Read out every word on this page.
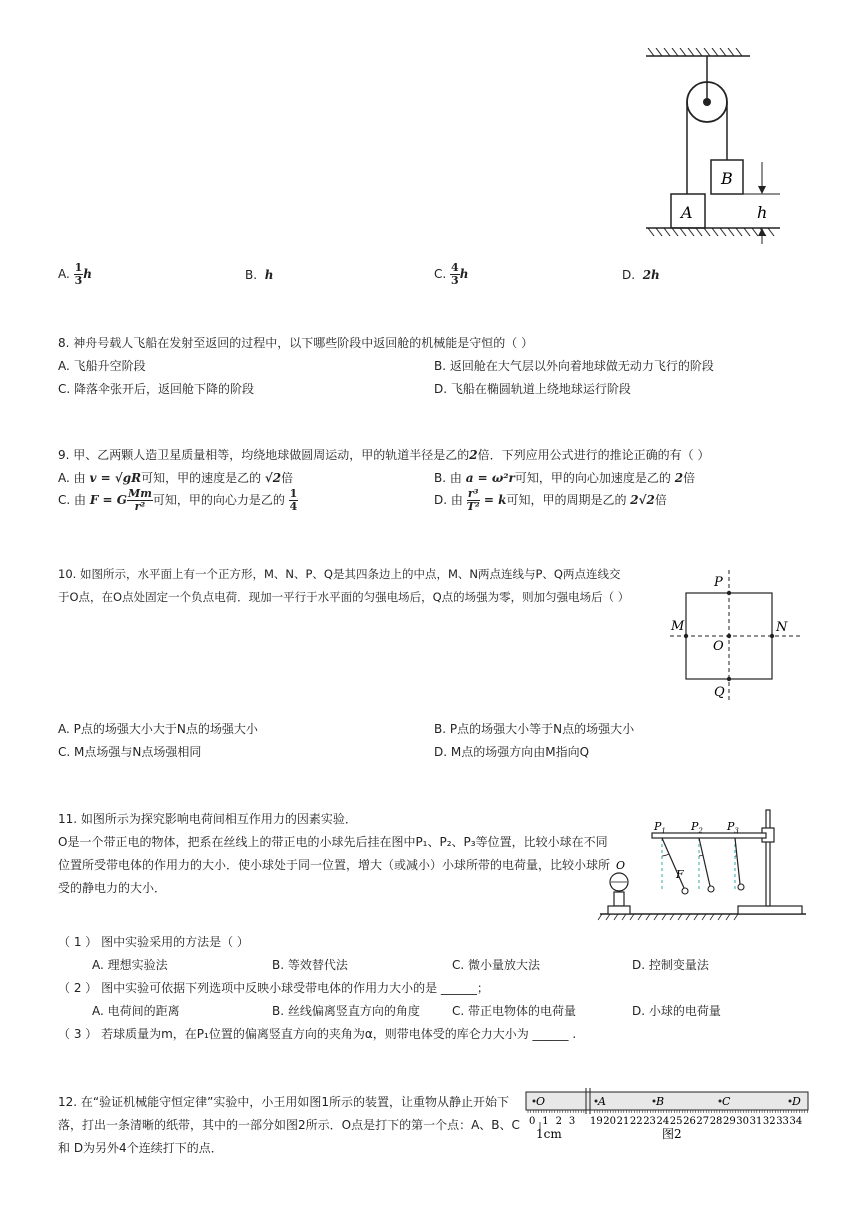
B
A	h
A. $\frac{1}{3}$ h	B. h	C. $\frac{4}{3}$ h	D. 2h
8. 神舟号载人飞船在发射至返回的过程中，以下哪些阶段中返回舱的机械能是守恒的（ ）
A. 飞船升空阶段	B. 返回舱在大气层以外向着地球做无动力飞行的阶段
C. 降落伞张开后，返回舱下降的阶段	D. 飞船在椭圆轨道上绕地球运行阶段
9. 甲、乙两颗人造卫星质量相等，均绕地球做圆周运动，甲的轨道半径是乙的2倍．下列应用公式进行的推论正确的有（ ）
A. 由 v = √gR可知，甲的速度是乙的 √2倍	B. 由 a = ω²r可知，甲的向心加速度是乙的 2倍
C. 由 F = G $\frac{Mm}{\text{r²}}$ 可知，甲的向心力是乙的 $\frac{1}{4}$	D. 由 $\frac{\text{r³}}{\text{T²}} = k$可知，甲的周期是乙的 2√2倍
10. 如图所示，水平面上有一个正方形，M、N、P、Q是其四条边上的中点，M、N两点连线与P、Q两点连线交
于O点，在O点处固定一个负点电荷．现加一平行于水平面的匀强电场后，Q点的场强为零，则加匀强电场后（ ）
P
Q
M	N
O
A. P点的场强大小大于N点的场强大小	B. P点的场强大小等于N点的场强大小
C. M点场强与N点场强相同	D. M点的场强方向由M指向Q
11. 如图所示为探究影响电荷间相互作用力的因素实验．
O是一个带正电的物体，把系在丝线上的带正电的小球先后挂在图中P₁、P₂、P₃等位置，比较小球在不同
位置所受带电体的作用力的大小．使小球处于同一位置，增大（或减小）小球所带的电荷量，比较小球所
受的静电力的大小．
O
F
$P_1$ $P_2$ $P_3$
（ 1 ） 图中实验采用的方法是（ ）
A. 理想实验法	B. 等效替代法	C. 微小量放大法	D. 控制变量法
（ 2 ） 图中实验可依据下列选项中反映小球受带电体的作用力大小的是 ______；
A. 电荷间的距离	B. 丝线偏离竖直方向的角度	C. 带正电物体的电荷量	D. 小球的电荷量
（ 3 ） 若球质量为m，在P₁位置的偏离竖直方向的夹角为α，则带电体受的库仑力大小为 ______ .
12. 在“验证机械能守恒定律”实验中，小王用如图1所示的装置，让重物从静止开始下
落，打出一条清晰的纸带，其中的一部分如图2所示．O点是打下的第一个点：A、B、C
和 D为另外4个连续打下的点．
O	A	B	C	D
0 1 2 3 19 20 21 22 23 24 25 26 27 28 29 30 31 32 33 34
1cm	图2
